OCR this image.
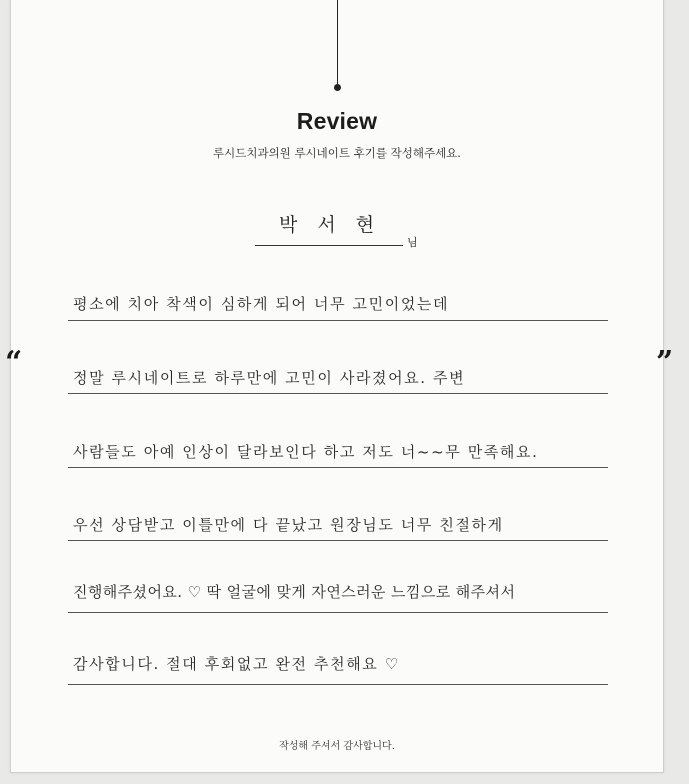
Review
루시드치과의원 루시네이트 후기를 작성해주세요.
박 서 현
님
“	”
평소에 치아 착색이 심하게 되어 너무 고민이었는데
정말 루시네이트로 하루만에 고민이 사라졌어요. 주변
사람들도 아예 인상이 달라보인다 하고 저도 너~~무 만족해요.
우선 상담받고 이틀만에 다 끝났고 원장님도 너무 친절하게
진행해주셨어요. ♡ 딱 얼굴에 맞게 자연스러운 느낌으로 해주셔서
감사합니다. 절대 후회없고 완전 추천해요 ♡
작성해 주셔서 감사합니다.
